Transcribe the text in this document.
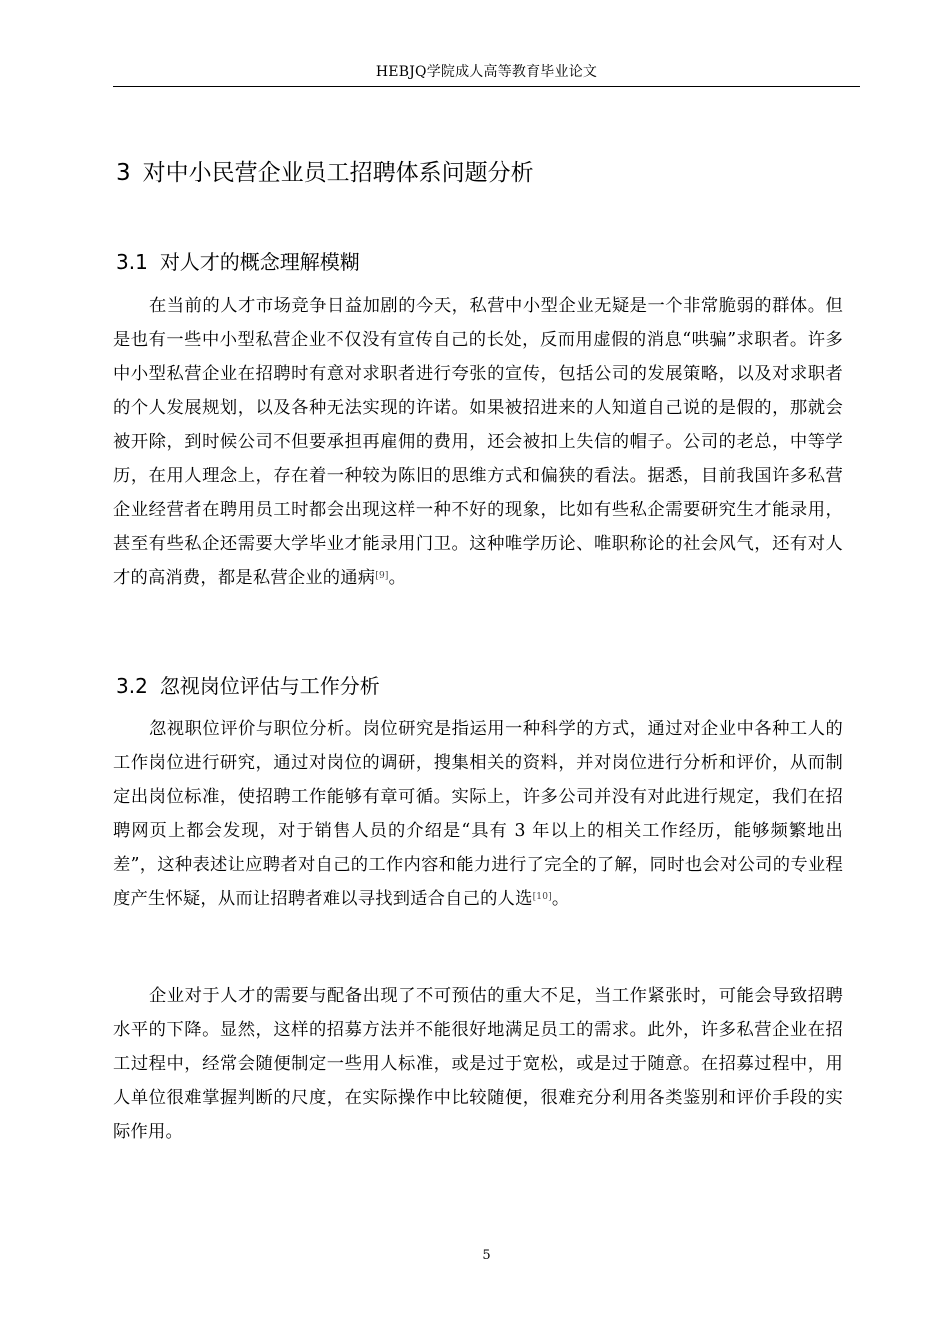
HEBJQ学院成人高等教育毕业论文
3 对中小民营企业员工招聘体系问题分析
3.1 对人才的概念理解模糊

在当前的人才市场竞争日益加剧的今天，私营中小型企业无疑是一个非常脆弱的群体。但是也有一些中小型私营企业不仅没有宣传自己的长处，反而用虚假的消息“哄骗”求职者。许多中小型私营企业在招聘时有意对求职者进行夸张的宣传，包括公司的发展策略，以及对求职者的个人发展规划，以及各种无法实现的许诺。如果被招进来的人知道自己说的是假的，那就会被开除，到时候公司不但要承担再雇佣的费用，还会被扣上失信的帽子。公司的老总，中等学历，在用人理念上，存在着一种较为陈旧的思维方式和偏狭的看法。据悉，目前我国许多私营企业经营者在聘用员工时都会出现这样一种不好的现象，比如有些私企需要研究生才能录用，甚至有些私企还需要大学毕业才能录用门卫。这种唯学历论、唯职称论的社会风气，还有对人才的高消费，都是私营企业的通病[9]。

3.2 忽视岗位评估与工作分析

忽视职位评价与职位分析。岗位研究是指运用一种科学的方式，通过对企业中各种工人的工作岗位进行研究，通过对岗位的调研，搜集相关的资料，并对岗位进行分析和评价，从而制定出岗位标准，使招聘工作能够有章可循。实际上，许多公司并没有对此进行规定，我们在招聘网页上都会发现，对于销售人员的介绍是“具有 3 年以上的相关工作经历，能够频繁地出差”，这种表述让应聘者对自己的工作内容和能力进行了完全的了解，同时也会对公司的专业程度产生怀疑，从而让招聘者难以寻找到适合自己的人选[10]。

企业对于人才的需要与配备出现了不可预估的重大不足，当工作紧张时，可能会导致招聘水平的下降。显然，这样的招募方法并不能很好地满足员工的需求。此外，许多私营企业在招工过程中，经常会随便制定一些用人标准，或是过于宽松，或是过于随意。在招募过程中，用人单位很难掌握判断的尺度，在实际操作中比较随便，很难充分利用各类鉴别和评价手段的实际作用。

5
